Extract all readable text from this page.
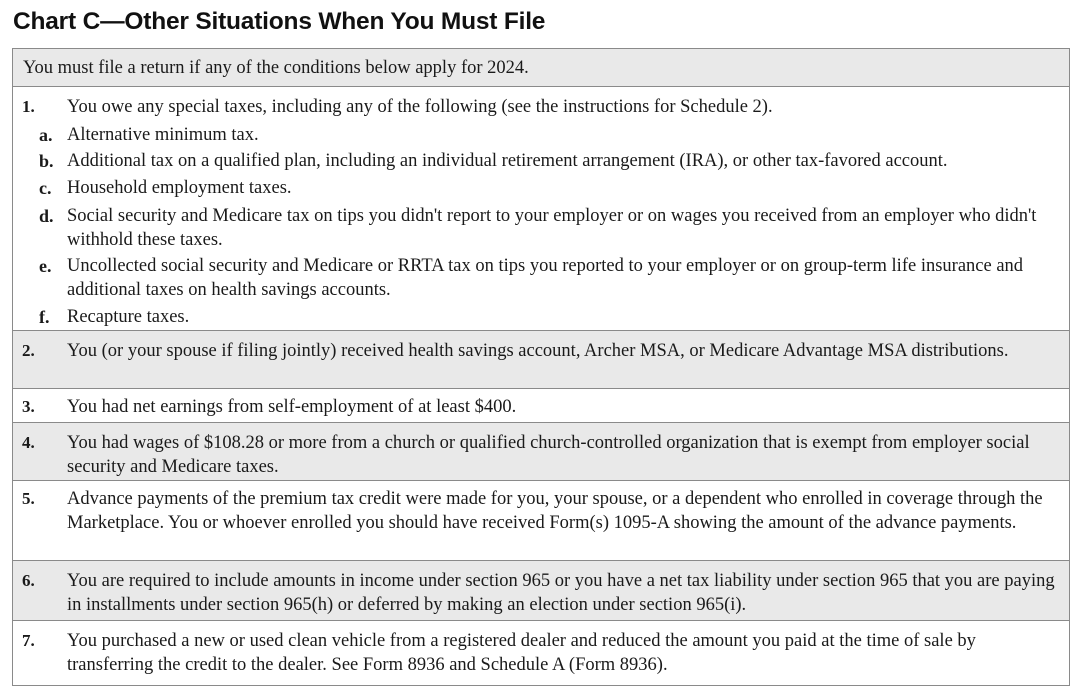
Chart C—Other Situations When You Must File
You must file a return if any of the conditions below apply for 2024.
1. You owe any special taxes, including any of the following (see the instructions for Schedule 2).
a. Alternative minimum tax.
b. Additional tax on a qualified plan, including an individual retirement arrangement (IRA), or other tax-favored account.
c. Household employment taxes.
d. Social security and Medicare tax on tips you didn't report to your employer or on wages you received from an employer who didn't withhold these taxes.
e. Uncollected social security and Medicare or RRTA tax on tips you reported to your employer or on group-term life insurance and additional taxes on health savings accounts.
f. Recapture taxes.
2. You (or your spouse if filing jointly) received health savings account, Archer MSA, or Medicare Advantage MSA distributions.
3. You had net earnings from self-employment of at least $400.
4. You had wages of $108.28 or more from a church or qualified church-controlled organization that is exempt from employer social security and Medicare taxes.
5. Advance payments of the premium tax credit were made for you, your spouse, or a dependent who enrolled in coverage through the Marketplace. You or whoever enrolled you should have received Form(s) 1095-A showing the amount of the advance payments.
6. You are required to include amounts in income under section 965 or you have a net tax liability under section 965 that you are paying in installments under section 965(h) or deferred by making an election under section 965(i).
7. You purchased a new or used clean vehicle from a registered dealer and reduced the amount you paid at the time of sale by transferring the credit to the dealer. See Form 8936 and Schedule A (Form 8936).
